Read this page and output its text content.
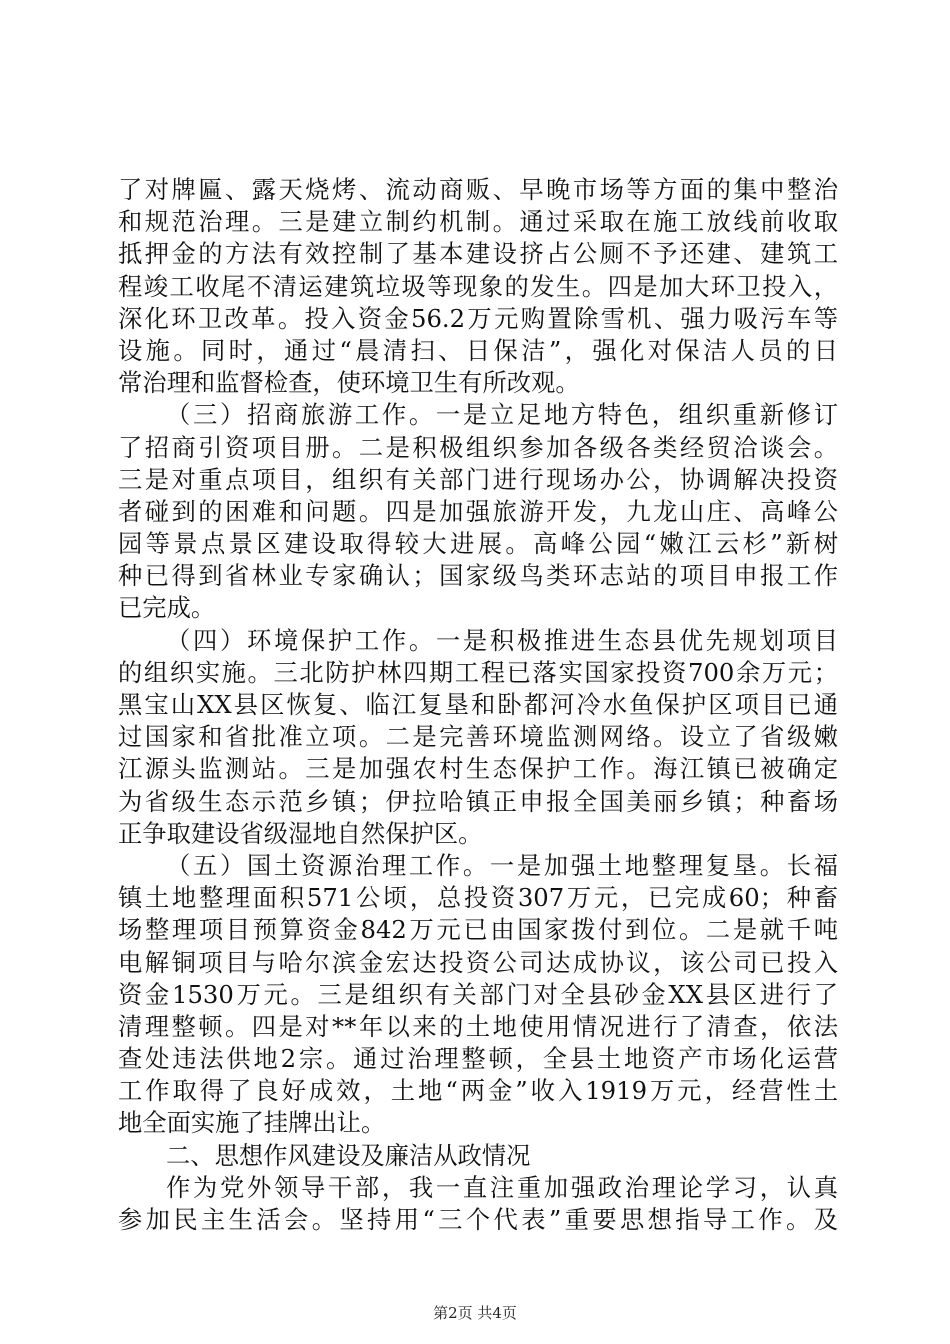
了对牌匾、露天烧烤、流动商贩、早晚市场等方面的集中整治
和规范治理。三是建立制约机制。通过采取在施工放线前收取
抵押金的方法有效控制了基本建设挤占公厕不予还建、建筑工
程竣工收尾不清运建筑垃圾等现象的发生。四是加大环卫投入，
深化环卫改革。投入资金56.2万元购置除雪机、强力吸污车等
设施。同时，通过“晨清扫、日保洁”，强化对保洁人员的日
常治理和监督检查，使环境卫生有所改观。
（三）招商旅游工作。一是立足地方特色，组织重新修订
了招商引资项目册。二是积极组织参加各级各类经贸洽谈会。
三是对重点项目，组织有关部门进行现场办公，协调解决投资
者碰到的困难和问题。四是加强旅游开发，九龙山庄、高峰公
园等景点景区建设取得较大进展。高峰公园“嫩江云杉”新树
种已得到省林业专家确认；国家级鸟类环志站的项目申报工作
已完成。
（四）环境保护工作。一是积极推进生态县优先规划项目
的组织实施。三北防护林四期工程已落实国家投资700余万元；
黑宝山XX县区恢复、临江复垦和卧都河冷水鱼保护区项目已通
过国家和省批准立项。二是完善环境监测网络。设立了省级嫩
江源头监测站。三是加强农村生态保护工作。海江镇已被确定
为省级生态示范乡镇；伊拉哈镇正申报全国美丽乡镇；种畜场
正争取建设省级湿地自然保护区。
（五）国土资源治理工作。一是加强土地整理复垦。长福
镇土地整理面积571公顷，总投资307万元，已完成60；种畜
场整理项目预算资金842万元已由国家拨付到位。二是就千吨
电解铜项目与哈尔滨金宏达投资公司达成协议，该公司已投入
资金1530万元。三是组织有关部门对全县砂金XX县区进行了
清理整顿。四是对**年以来的土地使用情况进行了清查，依法
查处违法供地2宗。通过治理整顿，全县土地资产市场化运营
工作取得了良好成效，土地“两金”收入1919万元，经营性土
地全面实施了挂牌出让。
二、思想作风建设及廉洁从政情况
作为党外领导干部，我一直注重加强政治理论学习，认真
参加民主生活会。坚持用“三个代表”重要思想指导工作。及
第2页 共4页
